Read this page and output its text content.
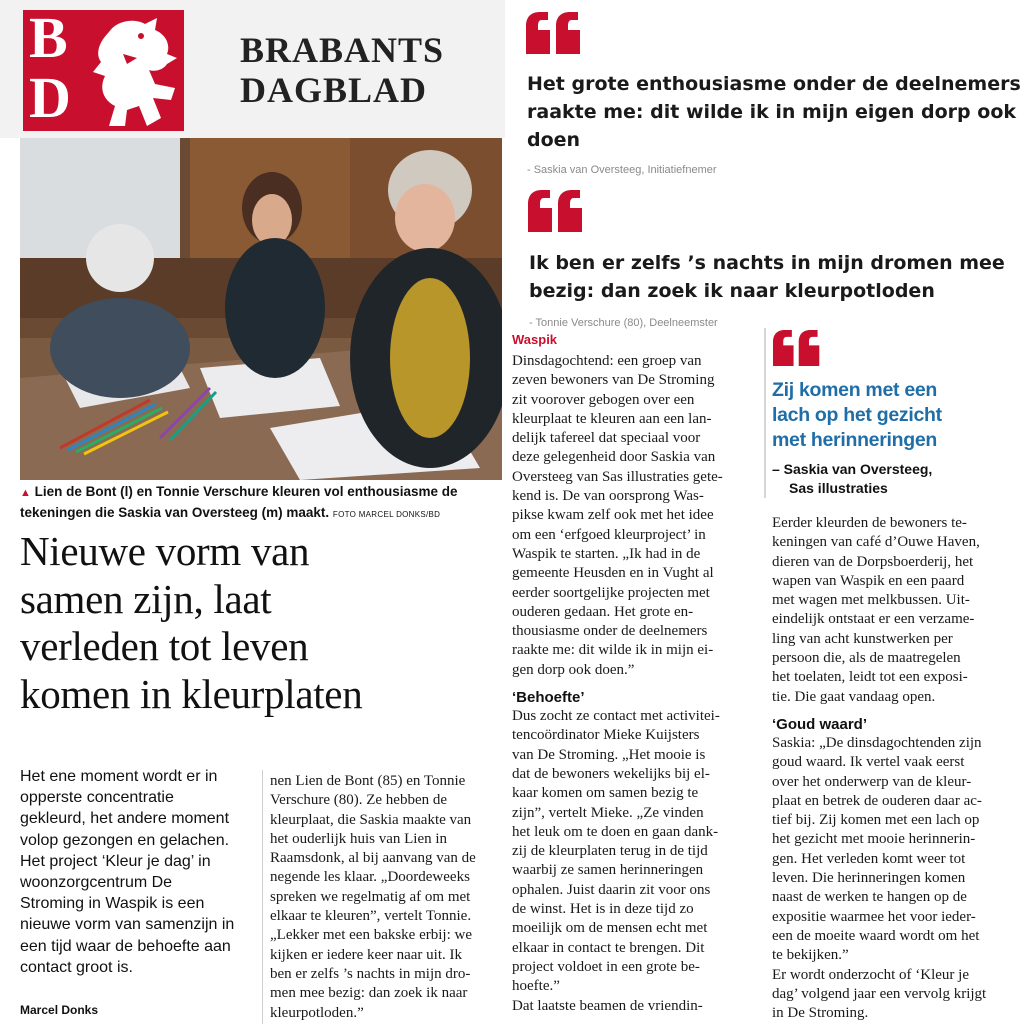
B
D
BRABANTS
DAGBLAD
▲ Lien de Bont (l) en Tonnie Verschure kleuren vol enthousiasme de tekeningen die Saskia van Oversteeg (m) maakt. FOTO MARCEL DONKS/BD
Nieuwe vorm van
samen zijn, laat
verleden tot leven
komen in kleurplaten
Het ene moment wordt er in
opperste concentratie
gekleurd, het andere moment
volop gezongen en gelachen.
Het project ‘Kleur je dag’ in
woonzorgcentrum De
Stroming in Waspik is een
nieuwe vorm van samenzijn in
een tijd waar de behoefte aan
contact groot is.
Marcel Donks
nen Lien de Bont (85) en Tonnie
Verschure (80). Ze hebben de
kleurplaat, die Saskia maakte van
het ouderlijk huis van Lien in
Raamsdonk, al bij aanvang van de
negende les klaar. „Doordeweeks
spreken we regelmatig af om met
elkaar te kleuren”, vertelt Tonnie.
„Lekker met een bakske erbij: we
kijken er iedere keer naar uit. Ik
ben er zelfs ’s nachts in mijn dro-
men mee bezig: dan zoek ik naar
kleurpotloden.”
Het grote enthousiasme onder de deelnemers
raakte me: dit wilde ik in mijn eigen dorp ook
doen
- Saskia van Oversteeg, Initiatiefnemer
Ik ben er zelfs ’s nachts in mijn dromen mee
bezig: dan zoek ik naar kleurpotloden
- Tonnie Verschure (80), Deelneemster
Waspik
Dinsdagochtend: een groep van
zeven bewoners van De Stroming
zit voorover gebogen over een
kleurplaat te kleuren aan een lan-
delijk tafereel dat speciaal voor
deze gelegenheid door Saskia van
Oversteeg van Sas illustraties gete-
kend is. De van oorsprong Was-
pikse kwam zelf ook met het idee
om een ‘erfgoed kleurproject’ in
Waspik te starten. „Ik had in de
gemeente Heusden en in Vught al
eerder soortgelijke projecten met
ouderen gedaan. Het grote en-
thousiasme onder de deelnemers
raakte me: dit wilde ik in mijn ei-
gen dorp ook doen.”
‘Behoefte’
Dus zocht ze contact met activitei-
tencoördinator Mieke Kuijsters
van De Stroming. „Het mooie is
dat de bewoners wekelijks bij el-
kaar komen om samen bezig te
zijn”, vertelt Mieke. „Ze vinden
het leuk om te doen en gaan dank-
zij de kleurplaten terug in de tijd
waarbij ze samen herinneringen
ophalen. Juist daarin zit voor ons
de winst. Het is in deze tijd zo
moeilijk om de mensen echt met
elkaar in contact te brengen. Dit
project voldoet in een grote be-
hoefte.”
Dat laatste beamen de vriendin-
Zij komen met een
lach op het gezicht
met herinneringen
– Saskia van Oversteeg,
Sas illustraties
Eerder kleurden de bewoners te-
keningen van café d’Ouwe Haven,
dieren van de Dorpsboerderij, het
wapen van Waspik en een paard
met wagen met melkbussen. Uit-
eindelijk ontstaat er een verzame-
ling van acht kunstwerken per
persoon die, als de maatregelen
het toelaten, leidt tot een exposi-
tie. Die gaat vandaag open.
‘Goud waard’
Saskia: „De dinsdagochtenden zijn
goud waard. Ik vertel vaak eerst
over het onderwerp van de kleur-
plaat en betrek de ouderen daar ac-
tief bij. Zij komen met een lach op
het gezicht met mooie herinnerin-
gen. Het verleden komt weer tot
leven. Die herinneringen komen
naast de werken te hangen op de
expositie waarmee het voor ieder-
een de moeite waard wordt om het
te bekijken.”
Er wordt onderzocht of ‘Kleur je
dag’ volgend jaar een vervolg krijgt
in De Stroming.
